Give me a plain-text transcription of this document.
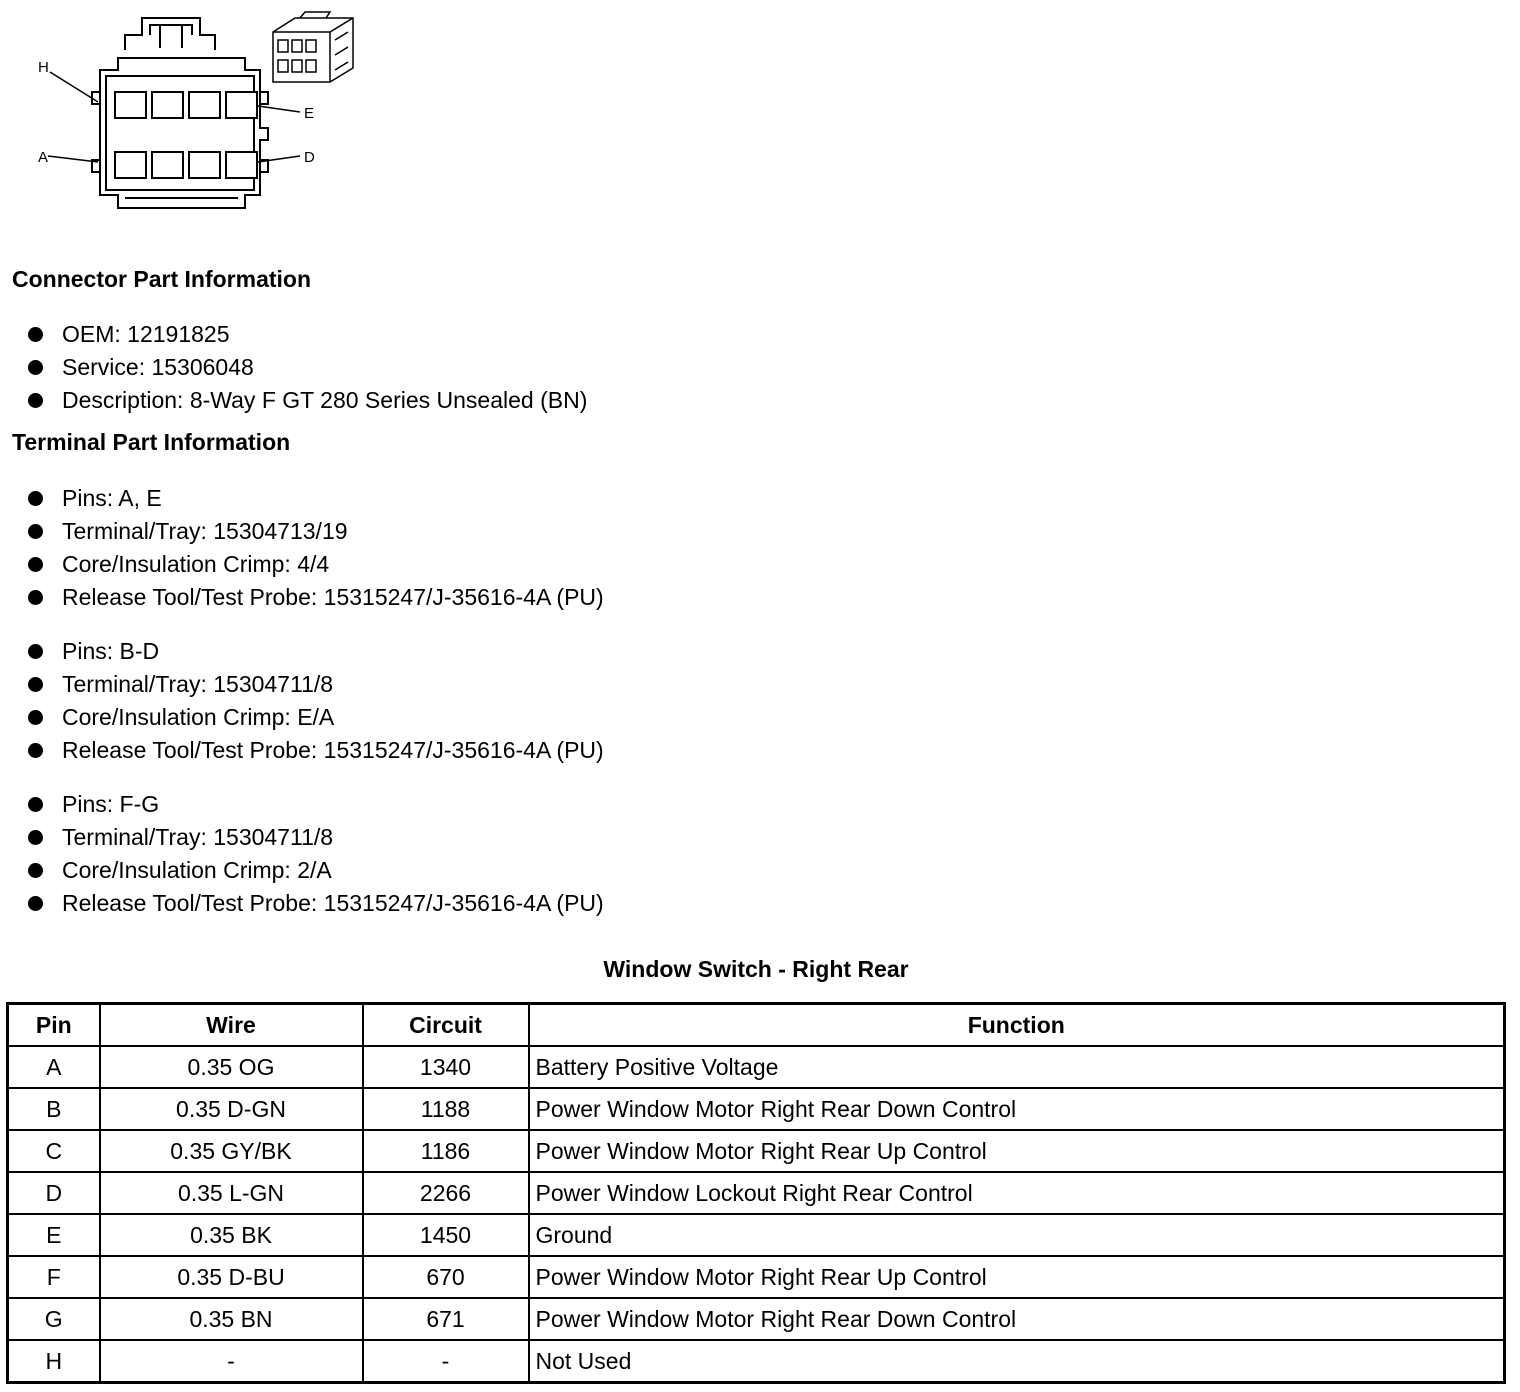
H
E
A	D
Connector Part Information
OEM: 12191825
Service: 15306048
Description: 8-Way F GT 280 Series Unsealed (BN)
Terminal Part Information
Pins: A, E
Terminal/Tray: 15304713/19
Core/Insulation Crimp: 4/4
Release Tool/Test Probe: 15315247/J-35616-4A (PU)
Pins: B-D
Terminal/Tray: 15304711/8
Core/Insulation Crimp: E/A
Release Tool/Test Probe: 15315247/J-35616-4A (PU)
Pins: F-G
Terminal/Tray: 15304711/8
Core/Insulation Crimp: 2/A
Release Tool/Test Probe: 15315247/J-35616-4A (PU)
Window Switch - Right Rear
Pin	Wire	Circuit	Function
A	0.35 OG	1340	Battery Positive Voltage
B	0.35 D-GN	1188	Power Window Motor Right Rear Down Control
C	0.35 GY/BK	1186	Power Window Motor Right Rear Up Control
D	0.35 L-GN	2266	Power Window Lockout Right Rear Control
E	0.35 BK	1450	Ground
F	0.35 D-BU	670	Power Window Motor Right Rear Up Control
G	0.35 BN	671	Power Window Motor Right Rear Down Control
H	-	-	Not Used
